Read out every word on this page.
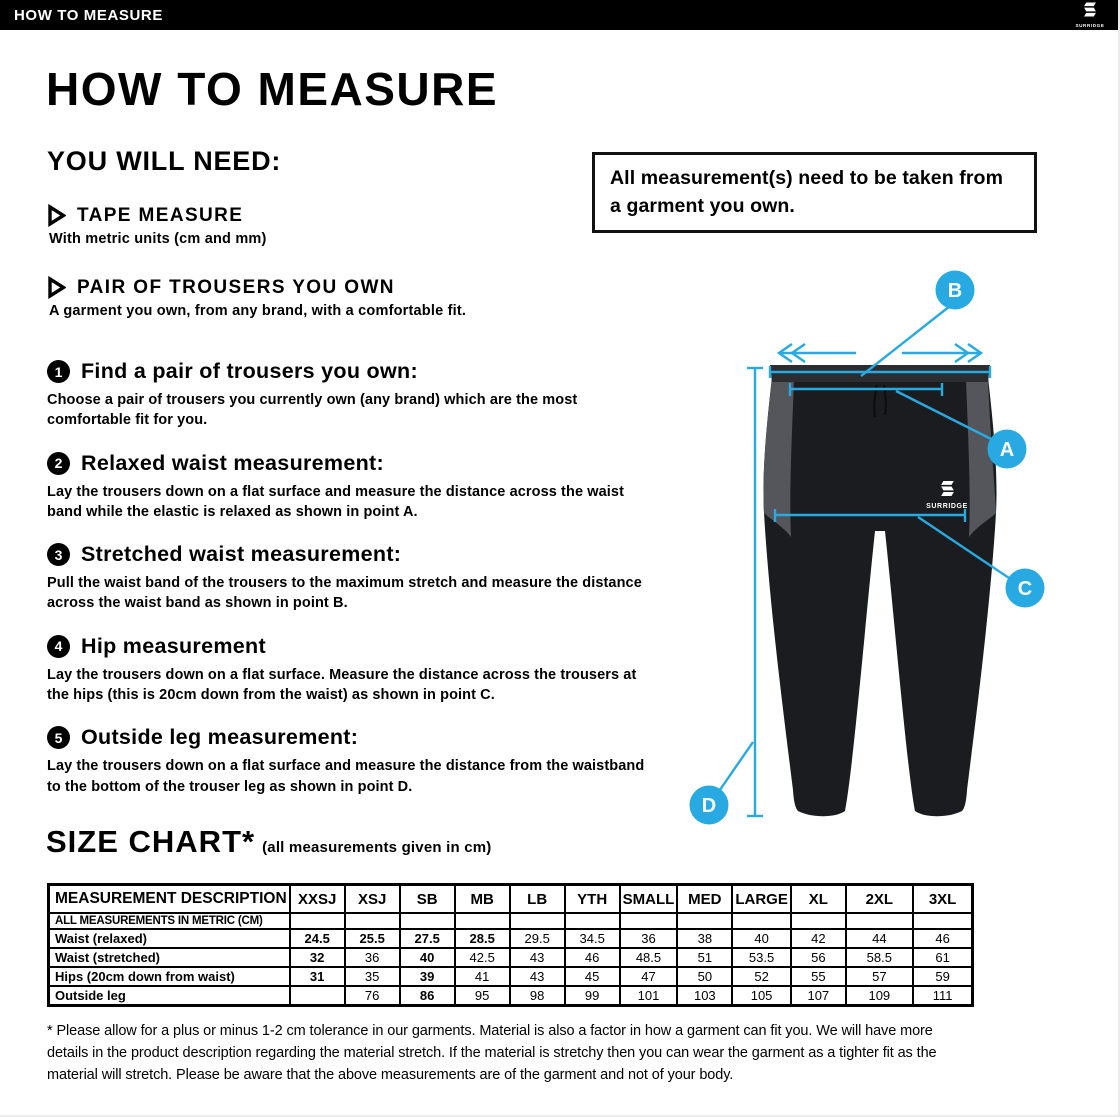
HOW TO MEASURE
SURRIDGE
HOW TO MEASURE
YOU WILL NEED:
All measurement(s) need to be taken from a garment you own.
TAPE MEASURE
With metric units (cm and mm)
PAIR OF TROUSERS YOU OWN
A garment you own, from any brand, with a comfortable fit.
1 Find a pair of trousers you own:
Choose a pair of trousers you currently own (any brand) which are the most comfortable fit for you.
2 Relaxed waist measurement:
Lay the trousers down on a flat surface and measure the distance across the waist band while the elastic is relaxed as shown in point A.
3 Stretched waist measurement:
Pull the waist band of the trousers to the maximum stretch and measure the distance across the waist band as shown in point B.
4 Hip measurement
Lay the trousers down on a flat surface. Measure the distance across the trousers at the hips (this is 20cm down from the waist) as shown in point C.
5 Outside leg measurement:
Lay the trousers down on a flat surface and measure the distance from the waistband to the bottom of the trouser leg as shown in point D.
SURRIDGE
B
A
C
D
SIZE CHART* (all measurements given in cm)
MEASUREMENT DESCRIPTION	XXSJ	XSJ	SB	MB	LB	YTH	SMALL	MED	LARGE	XL	2XL	3XL
ALL MEASUREMENTS IN METRIC (CM)												
Waist (relaxed)	24.5	25.5	27.5	28.5	29.5	34.5	36	38	40	42	44	46
Waist (stretched)	32	36	40	42.5	43	46	48.5	51	53.5	56	58.5	61
Hips (20cm down from waist)	31	35	39	41	43	45	47	50	52	55	57	59
Outside leg		76	86	95	98	99	101	103	105	107	109	111
* Please allow for a plus or minus 1-2 cm tolerance in our garments. Material is also a factor in how a garment can fit you. We will have more details in the product description regarding the material stretch. If the material is stretchy then you can wear the garment as a tighter fit as the material will stretch. Please be aware that the above measurements are of the garment and not of your body.
